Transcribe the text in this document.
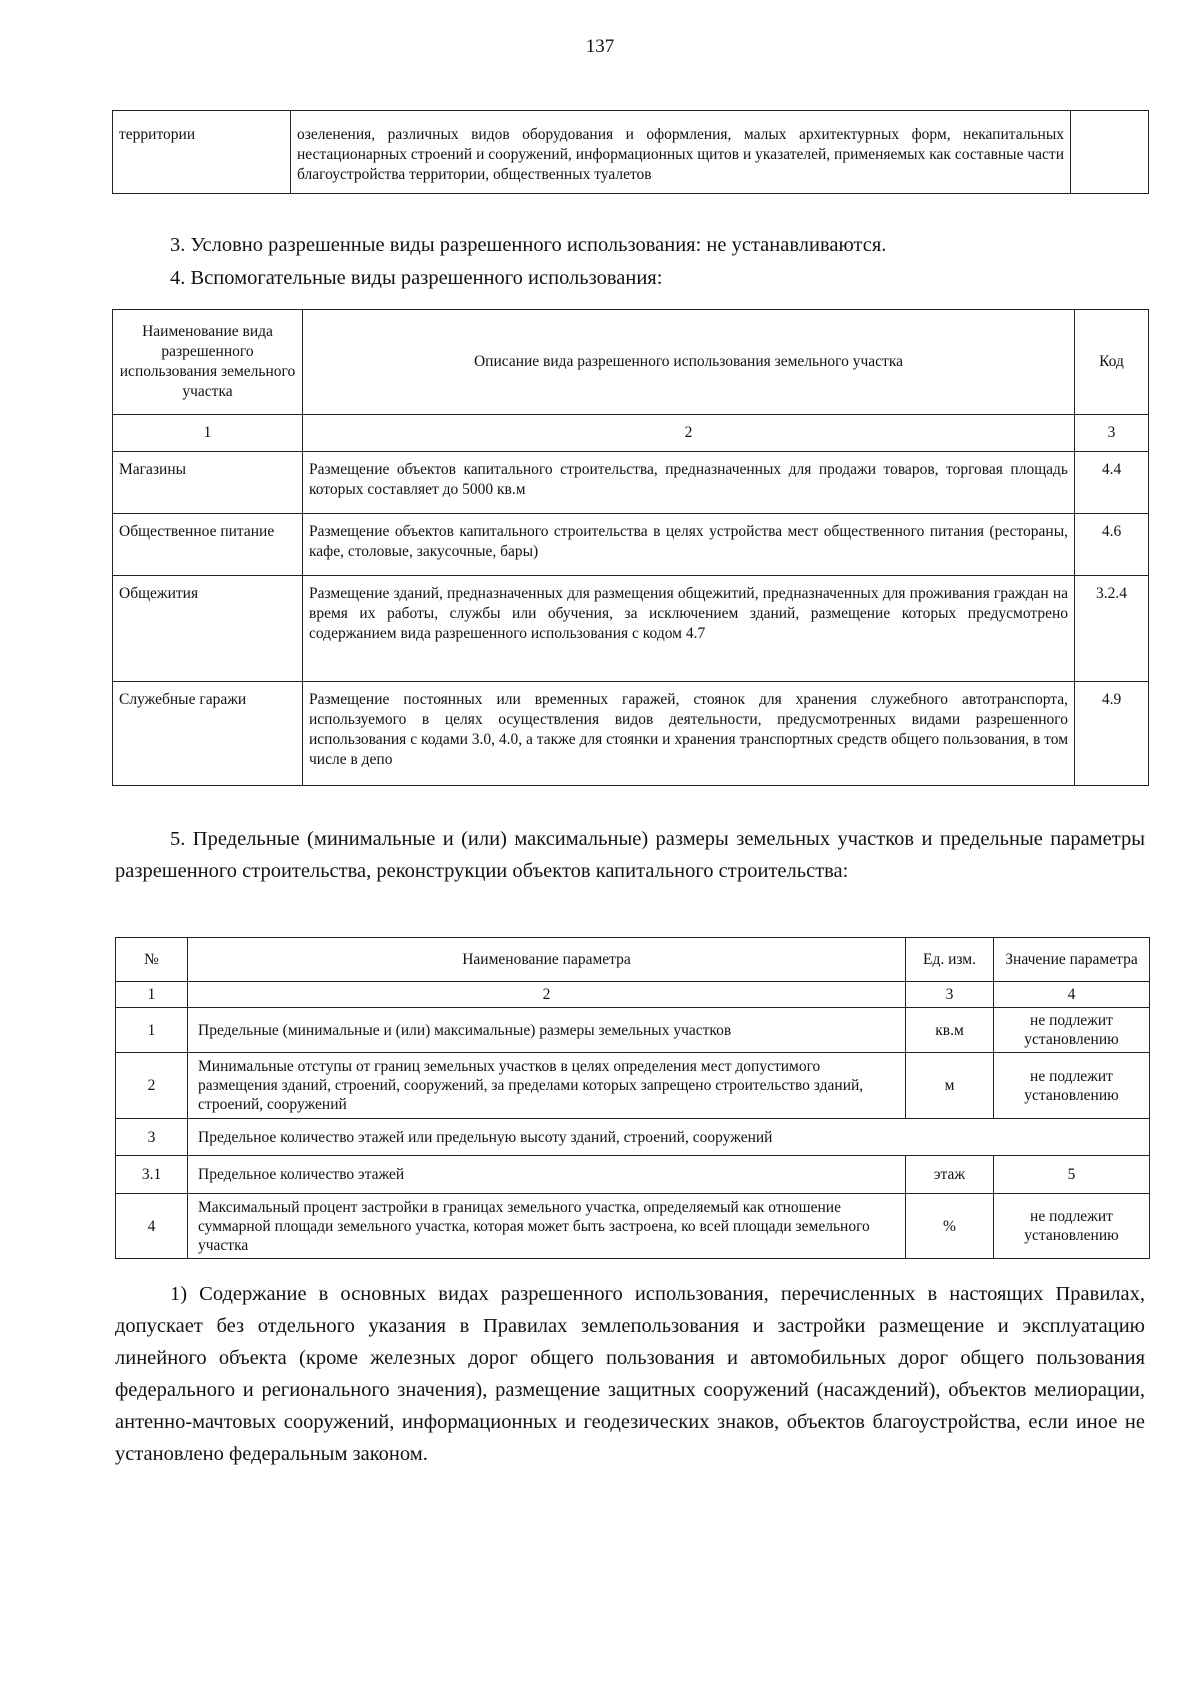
137
территории	озеленения, различных видов оборудования и оформления, малых архитектурных форм, некапитальных нестационарных строений и сооружений, информационных щитов и указателей, применяемых как составные части благоустройства территории, общественных туалетов	
3. Условно разрешенные виды разрешенного использования: не устанавливаются.
4. Вспомогательные виды разрешенного использования:
Наименование вида разрешенного использования земельного участка	Описание вида разрешенного использования земельного участка	Код
1	2	3
Магазины	Размещение объектов капитального строительства, предназначенных для продажи товаров, торговая площадь которых составляет до 5000 кв.м	4.4
Общественное питание	Размещение объектов капитального строительства в целях устройства мест общественного питания (рестораны, кафе, столовые, закусочные, бары)	4.6
Общежития	Размещение зданий, предназначенных для размещения общежитий, предназначенных для проживания граждан на время их работы, службы или обучения, за исключением зданий, размещение которых предусмотрено содержанием вида разрешенного использования с кодом 4.7	3.2.4
Служебные гаражи	Размещение постоянных или временных гаражей, стоянок для хранения служебного автотранспорта, используемого в целях осуществления видов деятельности, предусмотренных видами разрешенного использования с кодами 3.0, 4.0, а также для стоянки и хранения транспортных средств общего пользования, в том числе в депо	4.9
5. Предельные (минимальные и (или) максимальные) размеры земельных участков и предельные параметры разрешенного строительства, реконструкции объектов капитального строительства:
№	Наименование параметра	Ед. изм.	Значение параметра
1	2	3	4
1	Предельные (минимальные и (или) максимальные) размеры земельных участков	кв.м	не подлежит установлению
2	Минимальные отступы от границ земельных участков в целях определения мест допустимого размещения зданий, строений, сооружений, за пределами которых запрещено строительство зданий, строений, сооружений	м	не подлежит установлению
3	Предельное количество этажей или предельную высоту зданий, строений, сооружений		
3.1	Предельное количество этажей	этаж	5
4	Максимальный процент застройки в границах земельного участка, определяемый как отношение суммарной площади земельного участка, которая может быть застроена, ко всей площади земельного участка	%	не подлежит установлению
1) Содержание в основных видах разрешенного использования, перечисленных в настоящих Правилах, допускает без отдельного указания в Правилах землепользования и застройки размещение и эксплуатацию линейного объекта (кроме железных дорог общего пользования и автомобильных дорог общего пользования федерального и регионального значения), размещение защитных сооружений (насаждений), объектов мелиорации, антенно-мачтовых сооружений, информационных и геодезических знаков, объектов благоустройства, если иное не установлено федеральным законом.
